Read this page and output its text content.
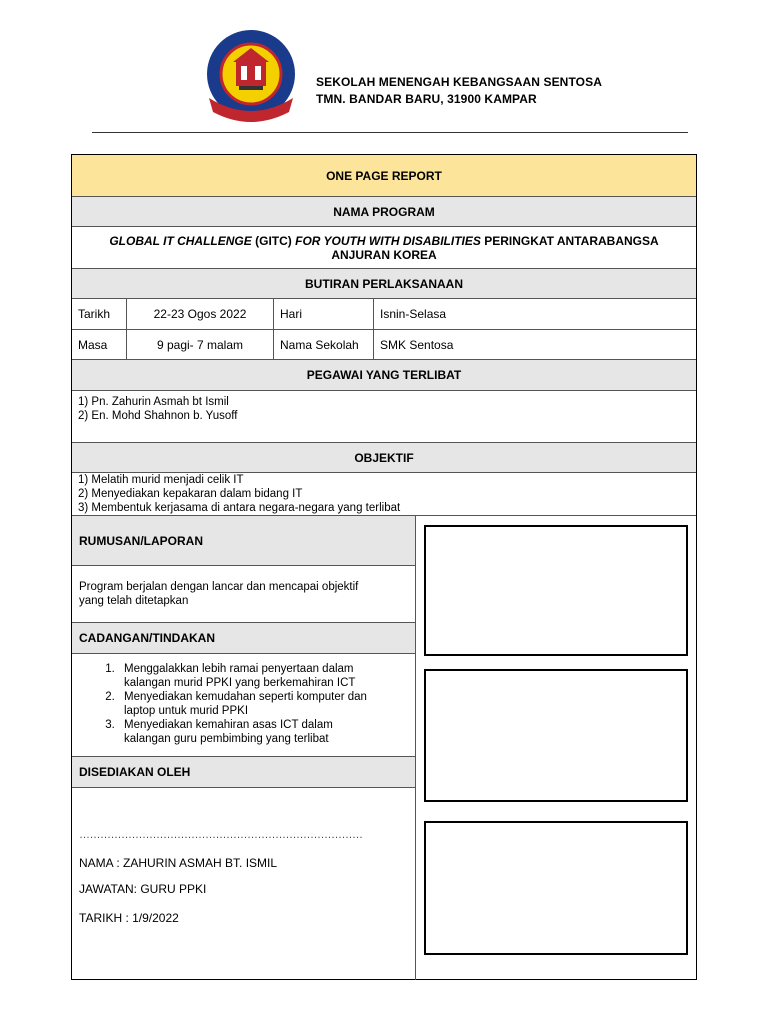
SEKOLAH MENENGAH KEBANGSAAN SENTOSA
TMN. BANDAR BARU, 31900 KAMPAR
ONE PAGE REPORT
NAMA PROGRAM
GLOBAL IT CHALLENGE (GITC) FOR YOUTH WITH DISABILITIES PERINGKAT ANTARABANGSA
ANJURAN KOREA
BUTIRAN PERLAKSANAAN
Tarikh	22-23 Ogos 2022	Hari	Isnin-Selasa
Masa	9 pagi- 7 malam	Nama Sekolah	SMK Sentosa
PEGAWAI YANG TERLIBAT
1) Pn. Zahurin Asmah bt Ismil
2) En. Mohd Shahnon b. Yusoff
OBJEKTIF
1) Melatih murid menjadi celik IT
2) Menyediakan kepakaran dalam bidang IT
3) Membentuk kerjasama di antara negara-negara yang terlibat
RUMUSAN/LAPORAN
Program berjalan dengan lancar dan mencapai objektif
yang telah ditetapkan
CADANGAN/TINDAKAN
1. Menggalakkan lebih ramai penyertaan dalam
kalangan murid PPKI yang berkemahiran ICT
2. Menyediakan kemudahan seperti komputer dan
laptop untuk murid PPKI
3. Menyediakan kemahiran asas ICT dalam
kalangan guru pembimbing yang terlibat
DISEDIAKAN OLEH
………………………………………………………………………
NAMA : ZAHURIN ASMAH BT. ISMIL
JAWATAN: GURU PPKI
TARIKH : 1/9/2022
